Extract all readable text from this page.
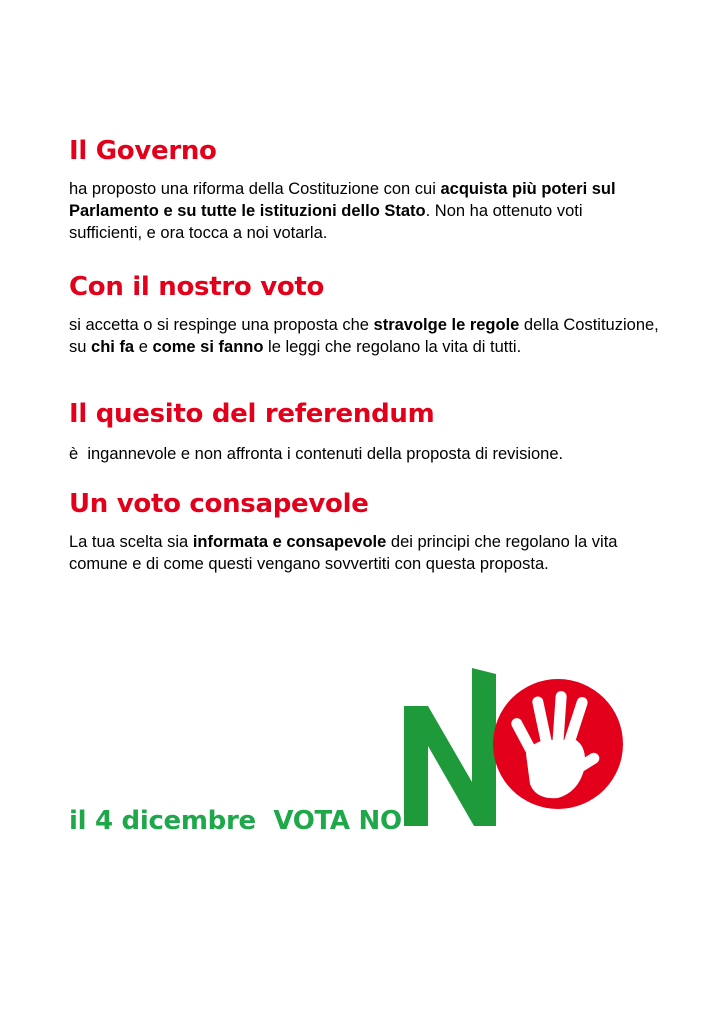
Il Governo

ha proposto una riforma della Costituzione con cui acquista più poteri sul Parlamento e su tutte le istituzioni dello Stato. Non ha ottenuto voti sufficienti, e ora tocca a noi votarla.

Con il nostro voto

si accetta o si respinge una proposta che stravolge le regole della Costituzione, su chi fa e come si fanno le leggi che regolano la vita di tutti.

Il quesito del referendum

è  ingannevole e non affronta i contenuti della proposta di revisione.

Un voto consapevole

La tua scelta sia informata e consapevole dei principi che regolano la vita comune e di come questi vengano sovvertiti con questa proposta.

il 4 dicembre  VOTA NO
